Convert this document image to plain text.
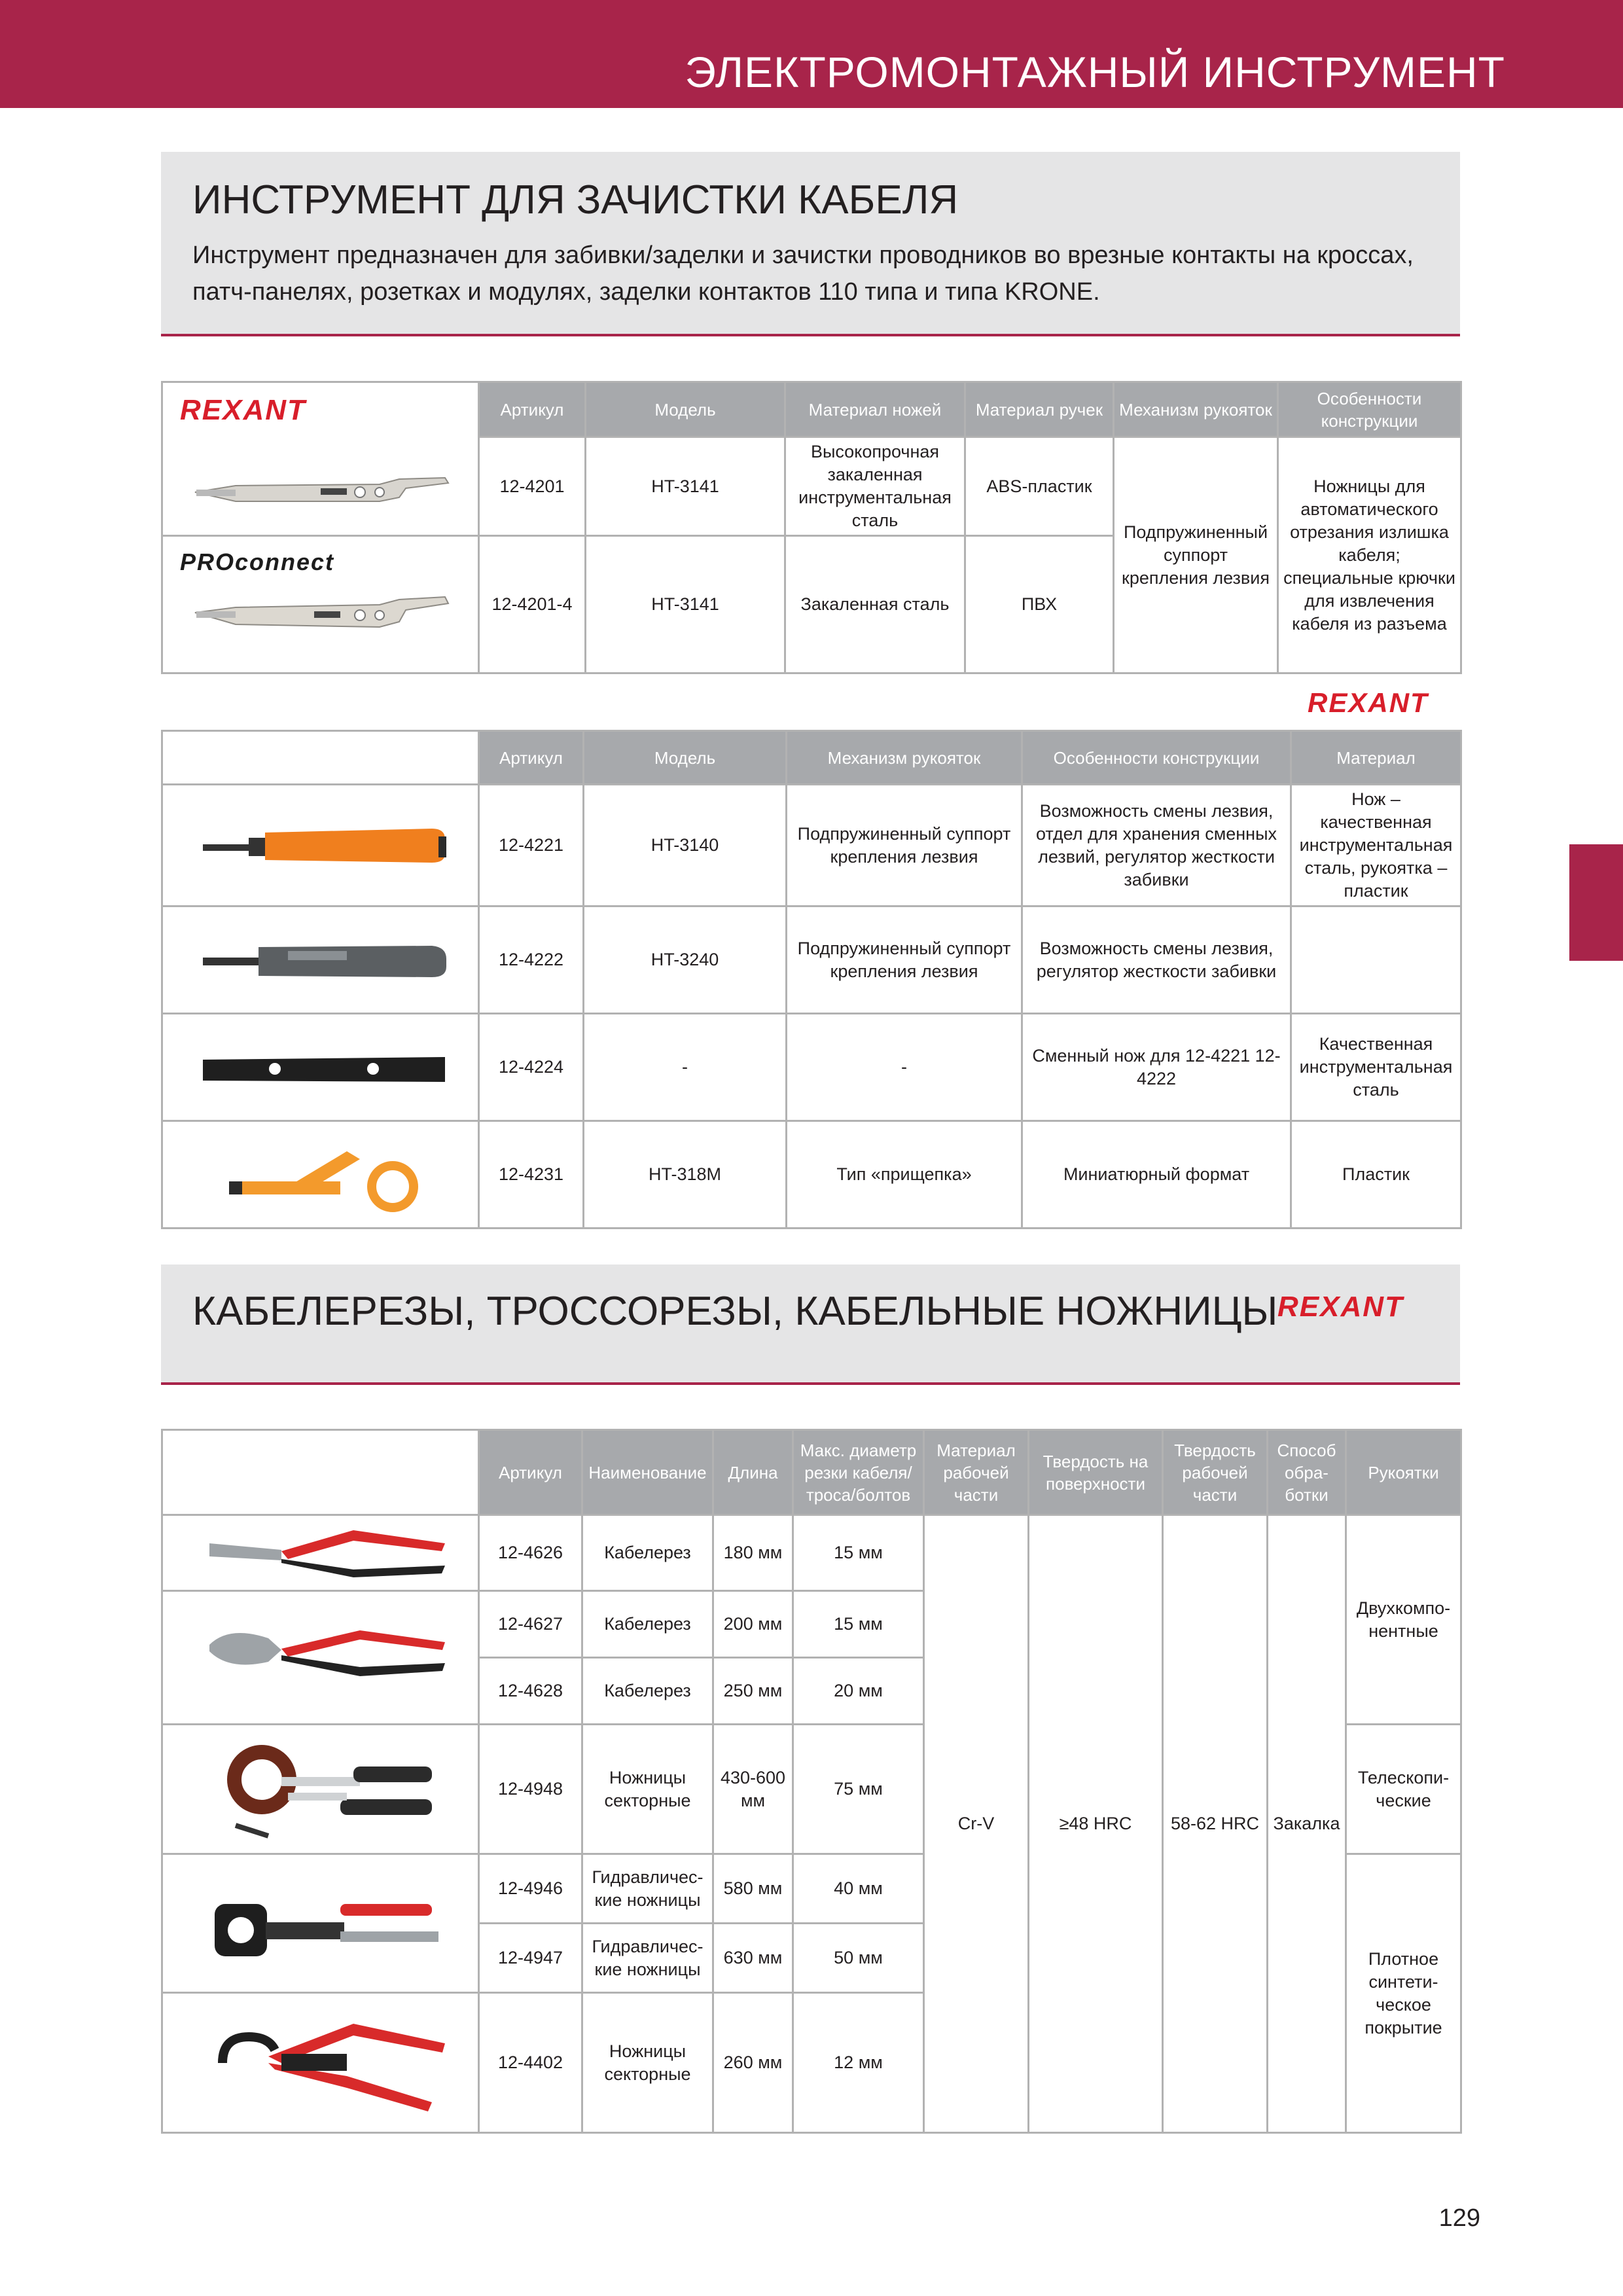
ЭЛЕКТРОМОНТАЖНЫЙ ИНСТРУМЕНТ
ИНСТРУМЕНТ ДЛЯ ЗАЧИСТКИ КАБЕЛЯ
Инструмент предназначен для забивки/заделки и зачистки проводников во врезные контакты на кроссах, патч-панелях, розетках и модулях, заделки контактов 110 типа и типа KRONE.
REXANT	Артикул	Модель	Материал ножей	Материал ручек	Механизм рукояток	Особенности конструкции

	12-4201	HT-3141	Высокопрочная закаленная инструментальная сталь	ABS-пластик	Подпружиненный суппорт крепления лезвия	Ножницы для автоматического отрезания излишка кабеля; специальные крючки для извлечения кабеля из разъема

PROconnect	12-4201-4	HT-3141	Закаленная сталь	ПВХ		
REXANT
	Артикул	Модель	Механизм рукояток	Особенности конструкции	Материал

	12-4221	HT-3140	Подпружиненный суппорт крепления лезвия	Возможность смены лезвия, отдел для хранения сменных лезвий, регулятор жесткости забивки	Нож – качественная инструментальная сталь, рукоятка – пластик

	12-4222	HT-3240	Подпружиненный суппорт крепления лезвия	Возможность смены лезвия, регулятор жесткости забивки	

	12-4224	-	-	Сменный нож для 12-4221 12-4222	Качественная инструментальная сталь

	12-4231	HT-318M	Тип «прищепка»	Миниатюрный формат	Пластик
КАБЕЛЕРЕЗЫ, ТРОССОРЕЗЫ, КАБЕЛЬНЫЕ НОЖНИЦЫ REXANT
	Артикул	Наименование	Длина	Макс. диаметр резки кабеля/ троса/болтов	Материал рабочей части	Твердость на поверхности	Твердость рабочей части	Способ обра-ботки	Рукоятки

	12-4626	Кабелерез	180 мм	15 мм	Cr-V	≥48 HRC	58-62 HRC	Закалка	Двухкомпо-нентные

	12-4627	Кабелерез	200 мм	15 мм					
	12-4628	Кабелерез	250 мм	20 мм					

	12-4948	Ножницы секторные	430-600 мм	75 мм					Телескопи-ческие

	12-4946	Гидравличес-кие ножницы	580 мм	40 мм					Плотное синтети-ческое покрытие
	12-4947	Гидравличес-кие ножницы	630 мм	50 мм					

	12-4402	Ножницы секторные	260 мм	12 мм					
129
